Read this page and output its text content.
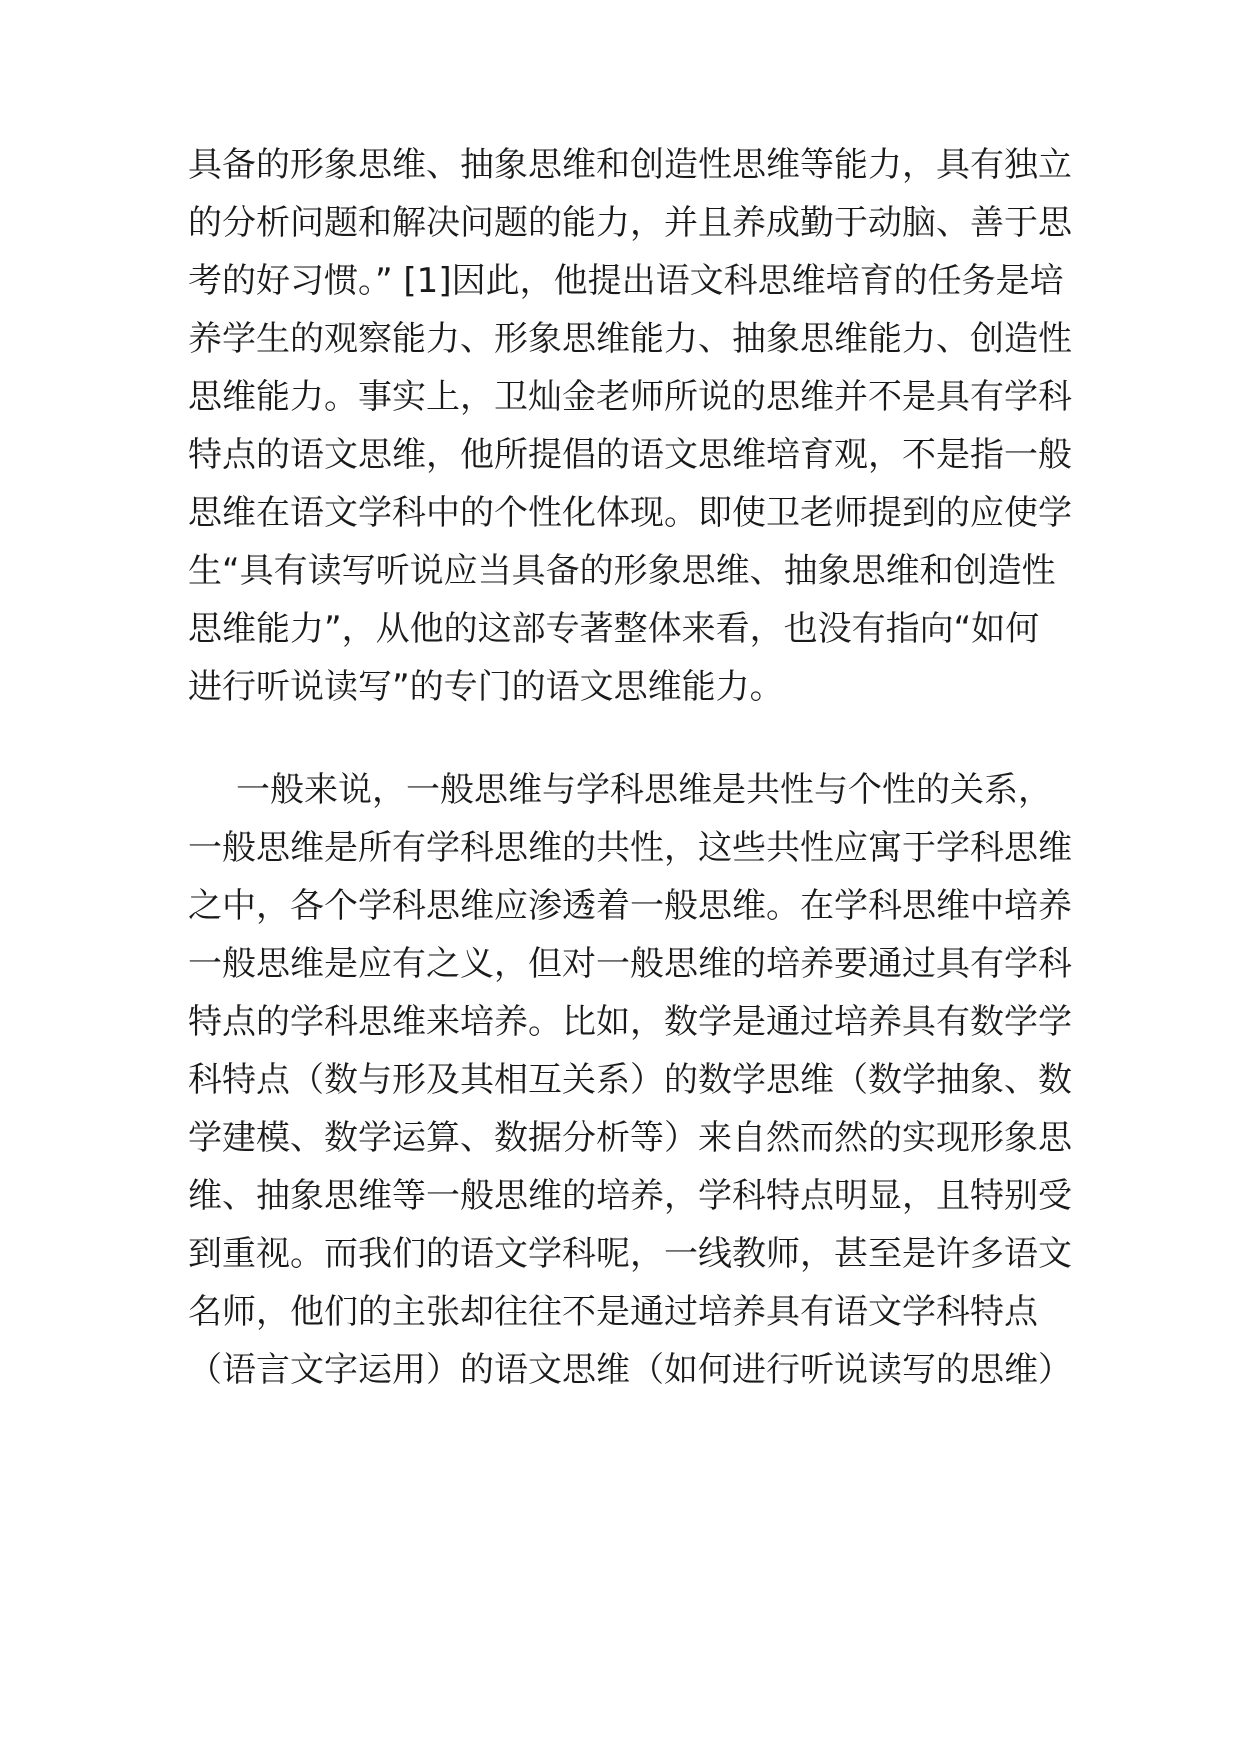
具备的形象思维、抽象思维和创造性思维等能力，具有独立
的分析问题和解决问题的能力，并且养成勤于动脑、善于思
考的好习惯。” [1]因此，他提出语文科思维培育的任务是培
养学生的观察能力、形象思维能力、抽象思维能力、创造性
思维能力。事实上，卫灿金老师所说的思维并不是具有学科
特点的语文思维，他所提倡的语文思维培育观，不是指一般
思维在语文学科中的个性化体现。即使卫老师提到的应使学
生“具有读写听说应当具备的形象思维、抽象思维和创造性
思维能力”，从他的这部专著整体来看，也没有指向“如何
进行听说读写”的专门的语文思维能力。
一般来说，一般思维与学科思维是共性与个性的关系，
一般思维是所有学科思维的共性，这些共性应寓于学科思维
之中，各个学科思维应渗透着一般思维。在学科思维中培养
一般思维是应有之义，但对一般思维的培养要通过具有学科
特点的学科思维来培养。比如，数学是通过培养具有数学学
科特点（数与形及其相互关系）的数学思维（数学抽象、数
学建模、数学运算、数据分析等）来自然而然的实现形象思
维、抽象思维等一般思维的培养，学科特点明显，且特别受
到重视。而我们的语文学科呢，一线教师，甚至是许多语文
名师，他们的主张却往往不是通过培养具有语文学科特点
（语言文字运用）的语文思维（如何进行听说读写的思维）
